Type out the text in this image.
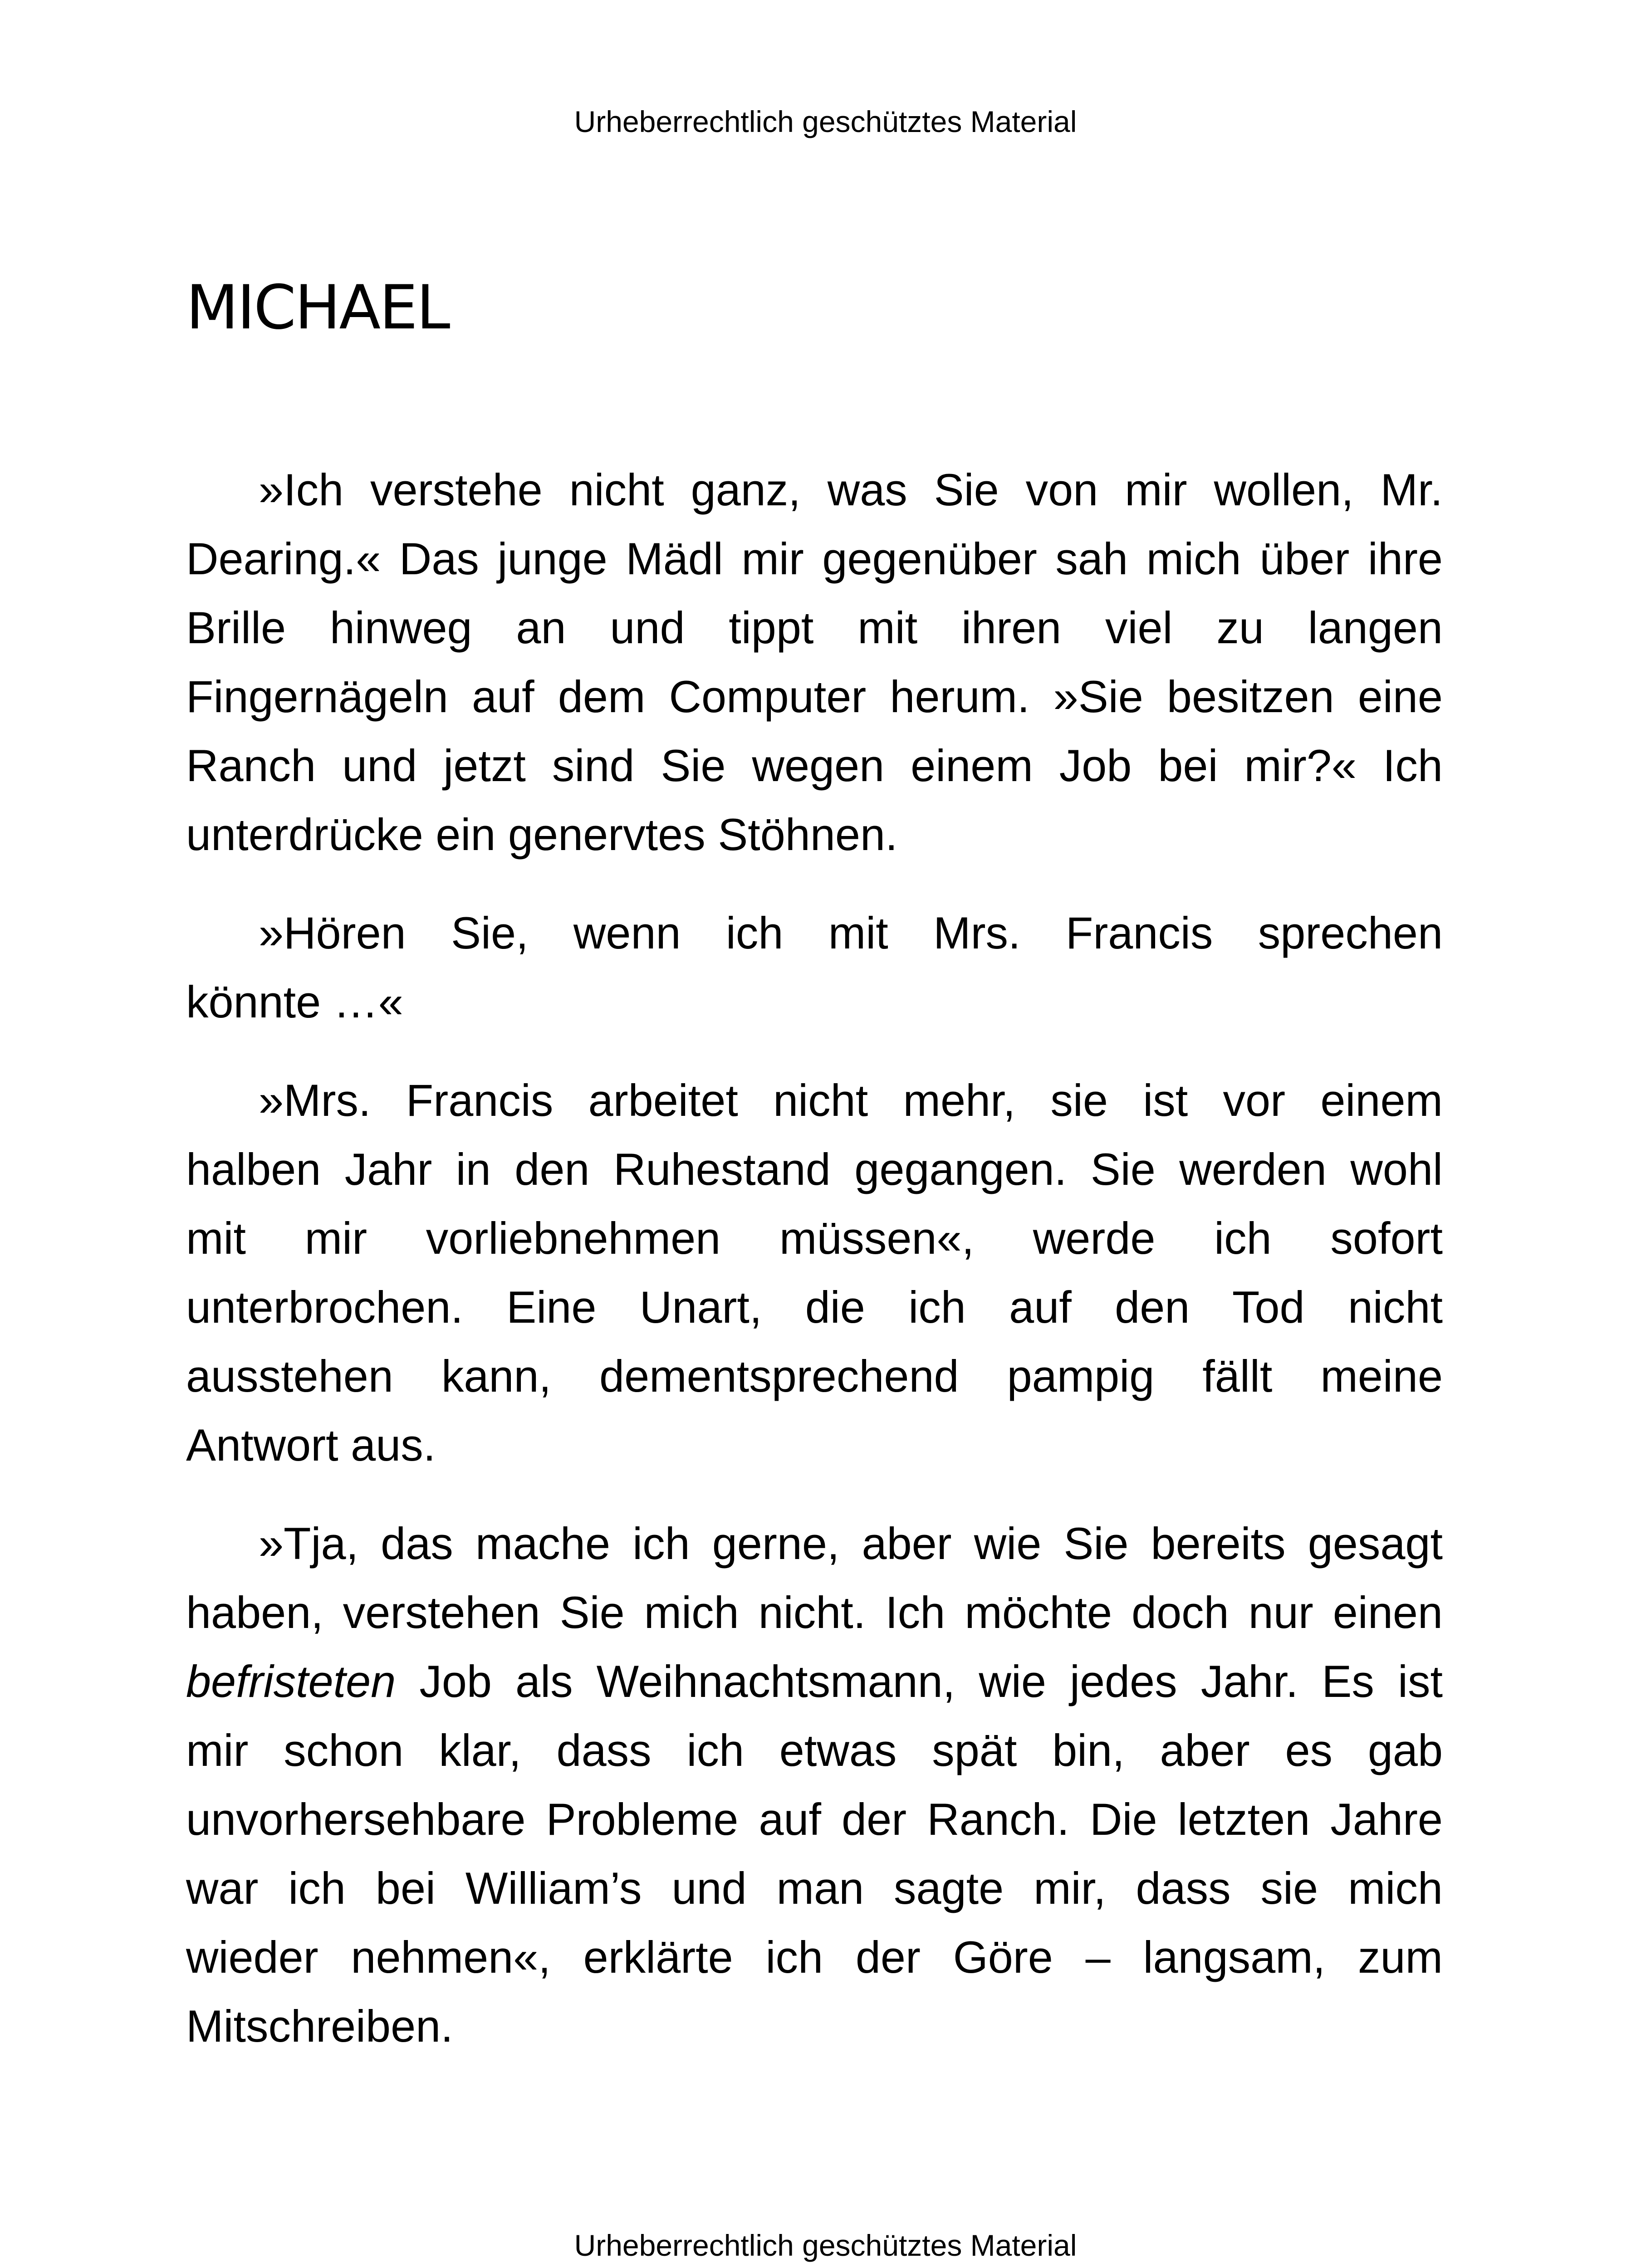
Urheberrechtlich geschütztes Material
MICHAEL
»Ich verstehe nicht ganz, was Sie von mir wollen, Mr.
Dearing.« Das junge Mädl mir gegenüber sah mich über ihre
Brille hinweg an und tippt mit ihren viel zu langen
Fingernägeln auf dem Computer herum. »Sie besitzen eine
Ranch und jetzt sind Sie wegen einem Job bei mir?« Ich
unterdrücke ein genervtes Stöhnen.
»Hören Sie, wenn ich mit Mrs. Francis sprechen
könnte …«
»Mrs. Francis arbeitet nicht mehr, sie ist vor einem
halben Jahr in den Ruhestand gegangen. Sie werden wohl
mit mir vorliebnehmen müssen«, werde ich sofort
unterbrochen. Eine Unart, die ich auf den Tod nicht
ausstehen kann, dementsprechend pampig fällt meine
Antwort aus.
»Tja, das mache ich gerne, aber wie Sie bereits gesagt
haben, verstehen Sie mich nicht. Ich möchte doch nur einen
befristeten Job als Weihnachtsmann, wie jedes Jahr. Es ist
mir schon klar, dass ich etwas spät bin, aber es gab
unvorhersehbare Probleme auf der Ranch. Die letzten Jahre
war ich bei William’s und man sagte mir, dass sie mich
wieder nehmen«, erklärte ich der Göre – langsam, zum
Mitschreiben.
Urheberrechtlich geschütztes Material
